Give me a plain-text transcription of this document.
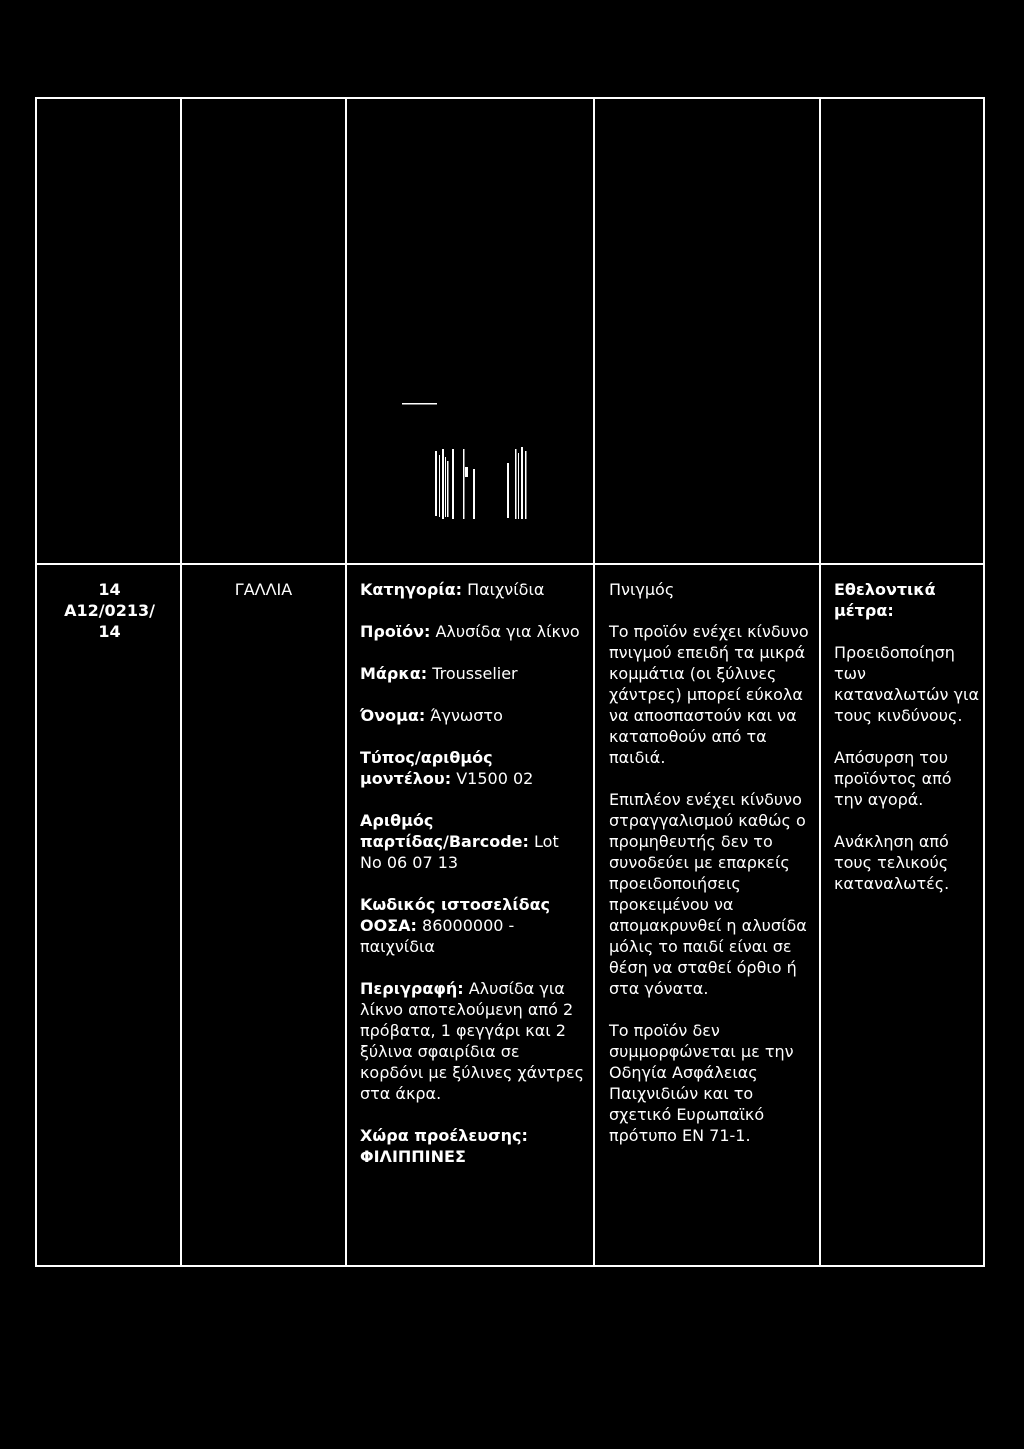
14
A12/0213/
14
ΓΑΛΛΙΑ	Κατηγορία: Παιχνίδια

Προϊόν: Αλυσίδα για λίκνο

Μάρκα: Trousselier

Όνομα: Άγνωστο

Τύπος/αριθμός μοντέλου: V1500 02

Αριθμός παρτίδας/Barcode: Lot No 06 07 13

Κωδικός ιστοσελίδας ΟΟΣΑ: 86000000 - παιχνίδια

Περιγραφή: Αλυσίδα για λίκνο αποτελούμενη από 2 πρόβατα, 1 φεγγάρι και 2 ξύλινα σφαιρίδια σε κορδόνι με ξύλινες χάντρες στα άκρα.

Χώρα προέλευσης:
ΦΙΛΙΠΠΙΝΕΣ

Πνιγμός

Το προϊόν ενέχει κίνδυνο πνιγμού επειδή τα μικρά κομμάτια (οι ξύλινες χάντρες) μπορεί εύκολα να αποσπαστούν και να καταποθούν από τα παιδιά.

Επιπλέον ενέχει κίνδυνο στραγγαλισμού καθώς ο προμηθευτής δεν το συνοδεύει με επαρκείς προειδοποιήσεις προκειμένου να απομακρυνθεί η αλυσίδα μόλις το παιδί είναι σε θέση να σταθεί όρθιο ή στα γόνατα.

Το προϊόν δεν συμμορφώνεται με την Οδηγία Ασφάλειας Παιχνιδιών και το σχετικό Ευρωπαϊκό πρότυπο EN 71-1.

Εθελοντικά μέτρα:

Προειδοποίηση των καταναλωτών για τους κινδύνους.

Απόσυρση του προϊόντος από την αγορά.

Ανάκληση από τους τελικούς καταναλωτές.
